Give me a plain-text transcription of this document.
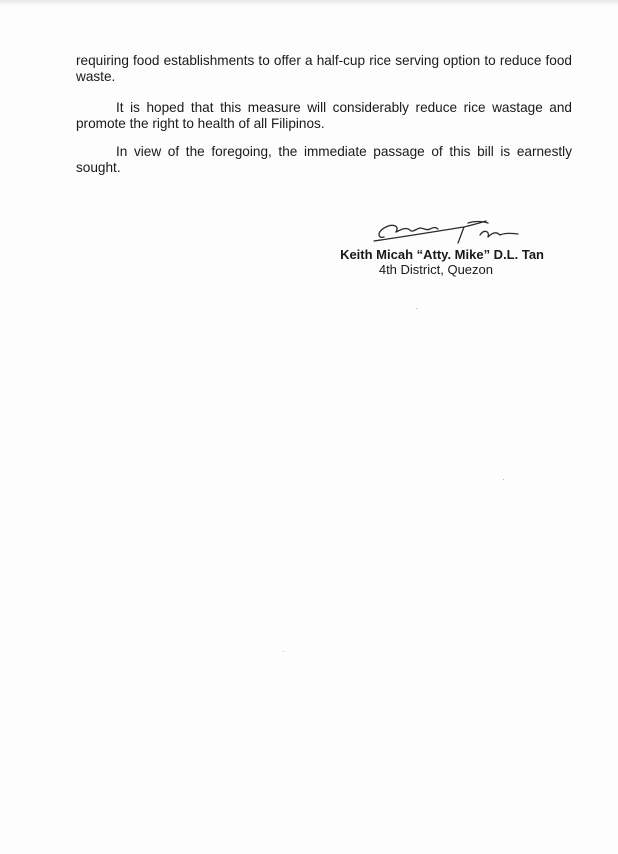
requiring food establishments to offer a half-cup rice serving option to reduce food waste.

It is hoped that this measure will considerably reduce rice wastage and promote the right to health of all Filipinos.

In view of the foregoing, the immediate passage of this bill is earnestly sought.

Keith Micah “Atty. Mike” D.L. Tan
4th District, Quezon
